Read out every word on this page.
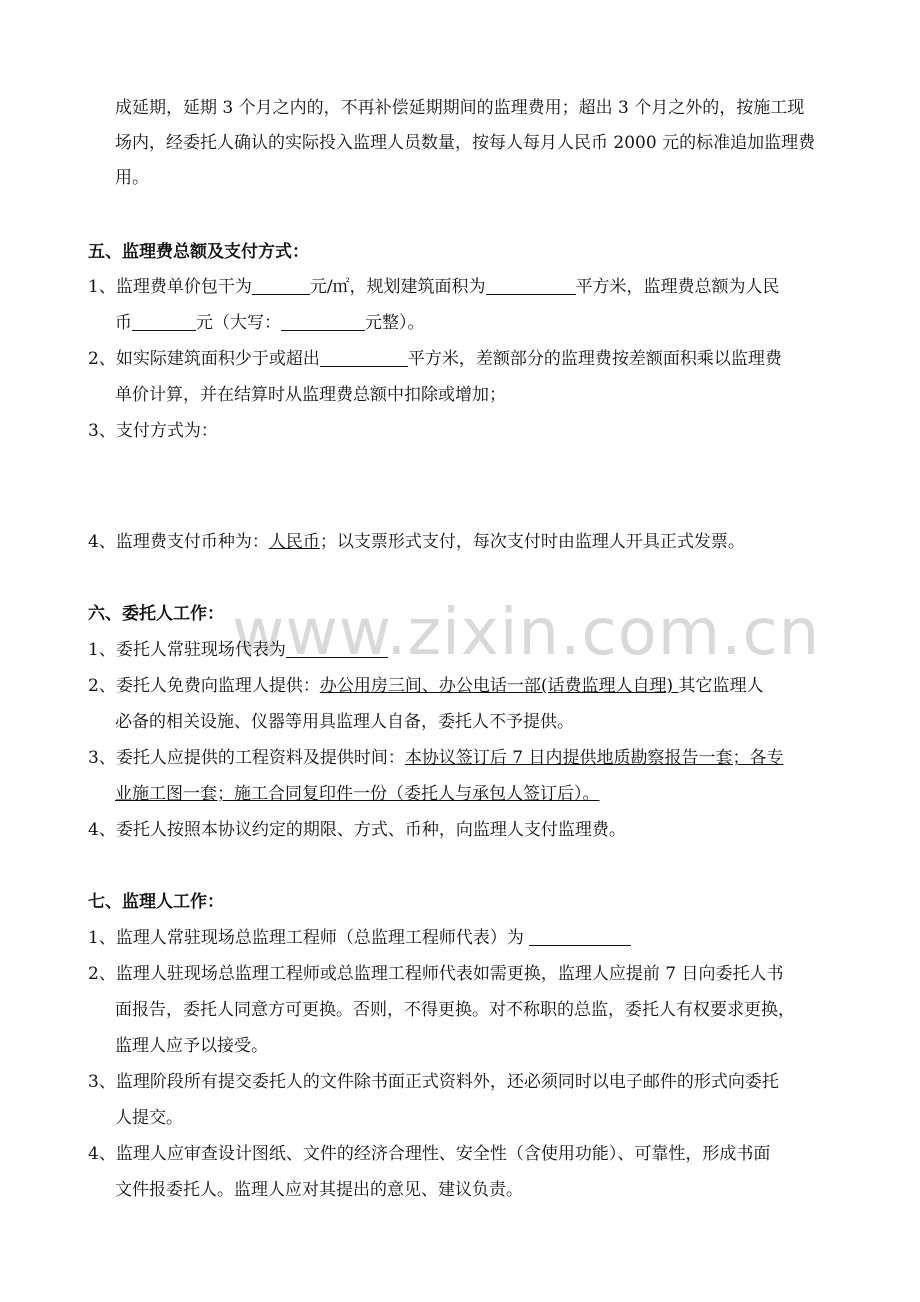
www.zixin.com.cn
成延期，延期 3 个月之内的，不再补偿延期期间的监理费用；超出 3 个月之外的，按施工现
场内，经委托人确认的实际投入监理人员数量，按每人每月人民币 2000 元的标准追加监理费
用。
五、监理费总额及支付方式：
1、监理费单价包干为	元/㎡，规划建筑面积为	平方米，监理费总额为人民
币	元（大写：	元整）。
2、如实际建筑面积少于或超出	平方米，差额部分的监理费按差额面积乘以监理费
单价计算，并在结算时从监理费总额中扣除或增加；
3、支付方式为：
4、监理费支付币种为：人民币；以支票形式支付，每次支付时由监理人开具正式发票。
六、委托人工作：
1、委托人常驻现场代表为
2、委托人免费向监理人提供：办公用房三间、办公电话一部(话费监理人自理) 其它监理人
必备的相关设施、仪器等用具监理人自备，委托人不予提供。
3、委托人应提供的工程资料及提供时间：本协议签订后 7 日内提供地质勘察报告一套；各专
业施工图一套；施工合同复印件一份（委托人与承包人签订后）。
4、委托人按照本协议约定的期限、方式、币种，向监理人支付监理费。
七、监理人工作：
1、监理人常驻现场总监理工程师（总监理工程师代表）为
2、监理人驻现场总监理工程师或总监理工程师代表如需更换，监理人应提前 7 日向委托人书
面报告，委托人同意方可更换。否则，不得更换。对不称职的总监，委托人有权要求更换，
监理人应予以接受。
3、监理阶段所有提交委托人的文件除书面正式资料外，还必须同时以电子邮件的形式向委托
人提交。
4、监理人应审查设计图纸、文件的经济合理性、安全性（含使用功能）、可靠性，形成书面
文件报委托人。监理人应对其提出的意见、建议负责。
